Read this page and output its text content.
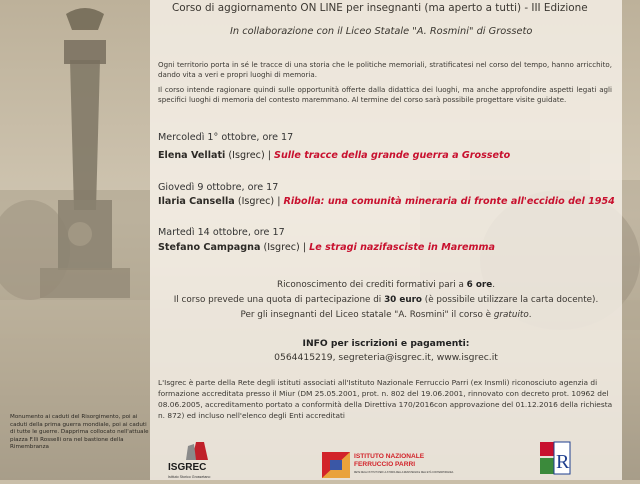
Corso di aggiornamento ON LINE per insegnanti (ma aperto a tutti) - III Edizione

In collaborazione con il Liceo Statale "A. Rosmini" di Grosseto

Ogni territorio porta in sé le tracce di una storia che le politiche memoriali, stratificatesi nel corso del tempo, hanno arricchito, dando vita a veri e propri luoghi di memoria.

Il corso intende ragionare quindi sulle opportunità offerte dalla didattica dei luoghi, ma anche approfondire aspetti legati agli specifici luoghi di memoria del contesto maremmano. Al termine del corso sarà possibile progettare visite guidate.

Mercoledì 1° ottobre, ore 17

Elena Vellati (Isgrec) | Sulle tracce della grande guerra a Grosseto

Giovedì 9 ottobre, ore 17

Ilaria Cansella (Isgrec) | Ribolla: una comunità mineraria di fronte all'eccidio del 1954

Martedì 14 ottobre, ore 17

Stefano Campagna (Isgrec) | Le stragi nazifasciste in Maremma

Riconoscimento dei crediti formativi pari a 6 ore.

Il corso prevede una quota di partecipazione di 30 euro (è possibile utilizzare la carta docente).

Per gli insegnanti del Liceo statale "A. Rosmini" il corso è gratuito.

INFO per iscrizioni e pagamenti:

0564415219, segreteria@isgrec.it, www.isgrec.it

L'Isgrec è parte della Rete degli istituti associati all'Istituto Nazionale Ferruccio Parri (ex Insmli) riconosciuto agenzia di formazione accreditata presso il Miur (DM 25.05.2001, prot. n. 802 del 19.06.2001, rinnovato con decreto prot. 10962 del 08.06.2005, accreditamento portato a conformità della Direttiva 170/2016con approvazione del 01.12.2016 della richiesta n. 872) ed incluso nell'elenco degli Enti accreditati

Monumento ai caduti del Risorgimento, poi ai caduti della prima guerra mondiale, poi ai caduti di tutte le guerre. Dapprima collocato nell'attuale piazza F.lli Rosselli ora nel bastione della Rimembranza

ISGREC
Istituto Storico Grossetano
ISTITUTO NAZIONALE
FERRUCCIO PARRI
RETE DEGLI ISTITUTI PER LA STORIA DELLA RESISTENZA E DELL'ETÀ CONTEMPORANEA	R
